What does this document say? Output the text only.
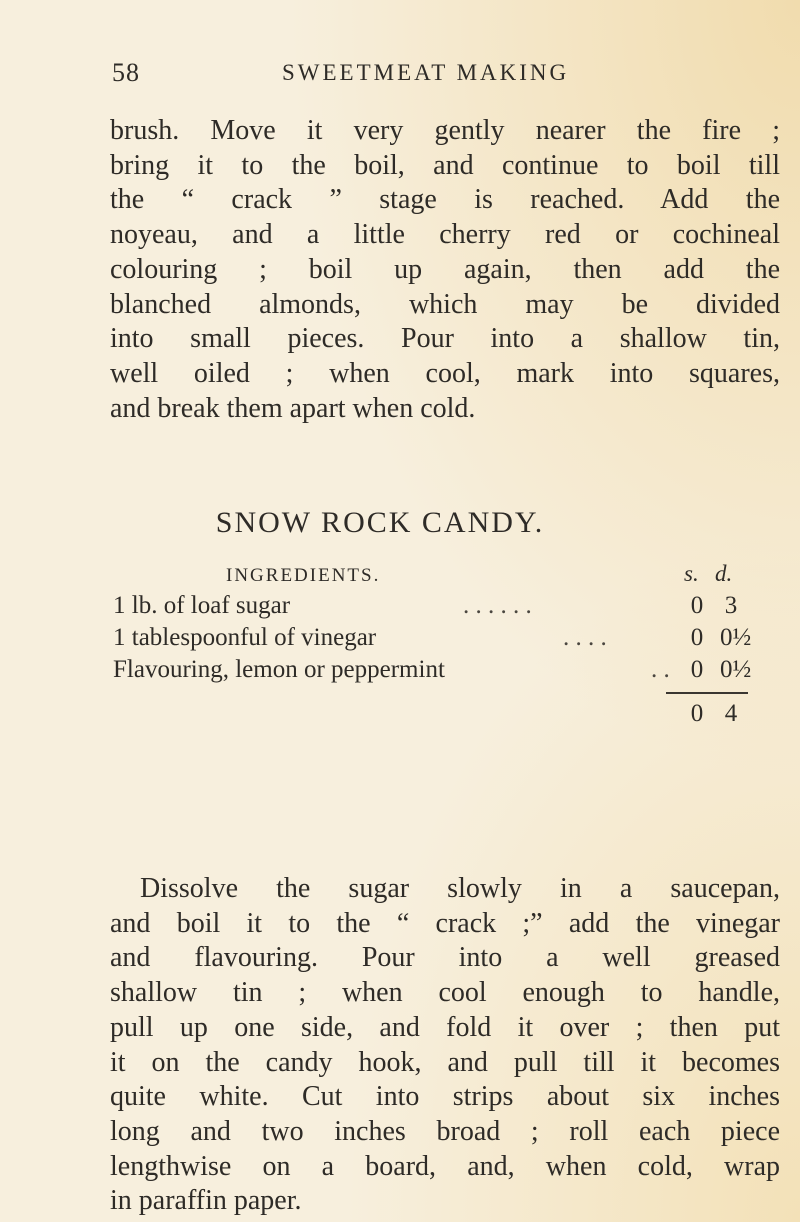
58	SWEETMEAT MAKING

brush. Move it very gently nearer the fire ;
bring it to the boil, and continue to boil till
the “ crack ” stage is reached. Add the
noyeau, and a little cherry red or cochineal
colouring ; boil up again, then add the
blanched almonds, which may be divided
into small pieces. Pour into a shallow tin,
well oiled ; when cool, mark into squares,
and break them apart when cold.

SNOW ROCK CANDY.
INGREDIENTS.	s. d.
1 lb. of loaf sugar	. . . . . .	0 3
1 tablespoonful of vinegar	. . . .	0 0½
Flavouring, lemon or peppermint	. . 0 0½
0 4

Dissolve the sugar slowly in a saucepan,
and boil it to the “ crack ;” add the vinegar
and flavouring. Pour into a well greased
shallow tin ; when cool enough to handle,
pull up one side, and fold it over ; then put
it on the candy hook, and pull till it becomes
quite white. Cut into strips about six inches
long and two inches broad ; roll each piece
lengthwise on a board, and, when cold, wrap
in paraffin paper.
